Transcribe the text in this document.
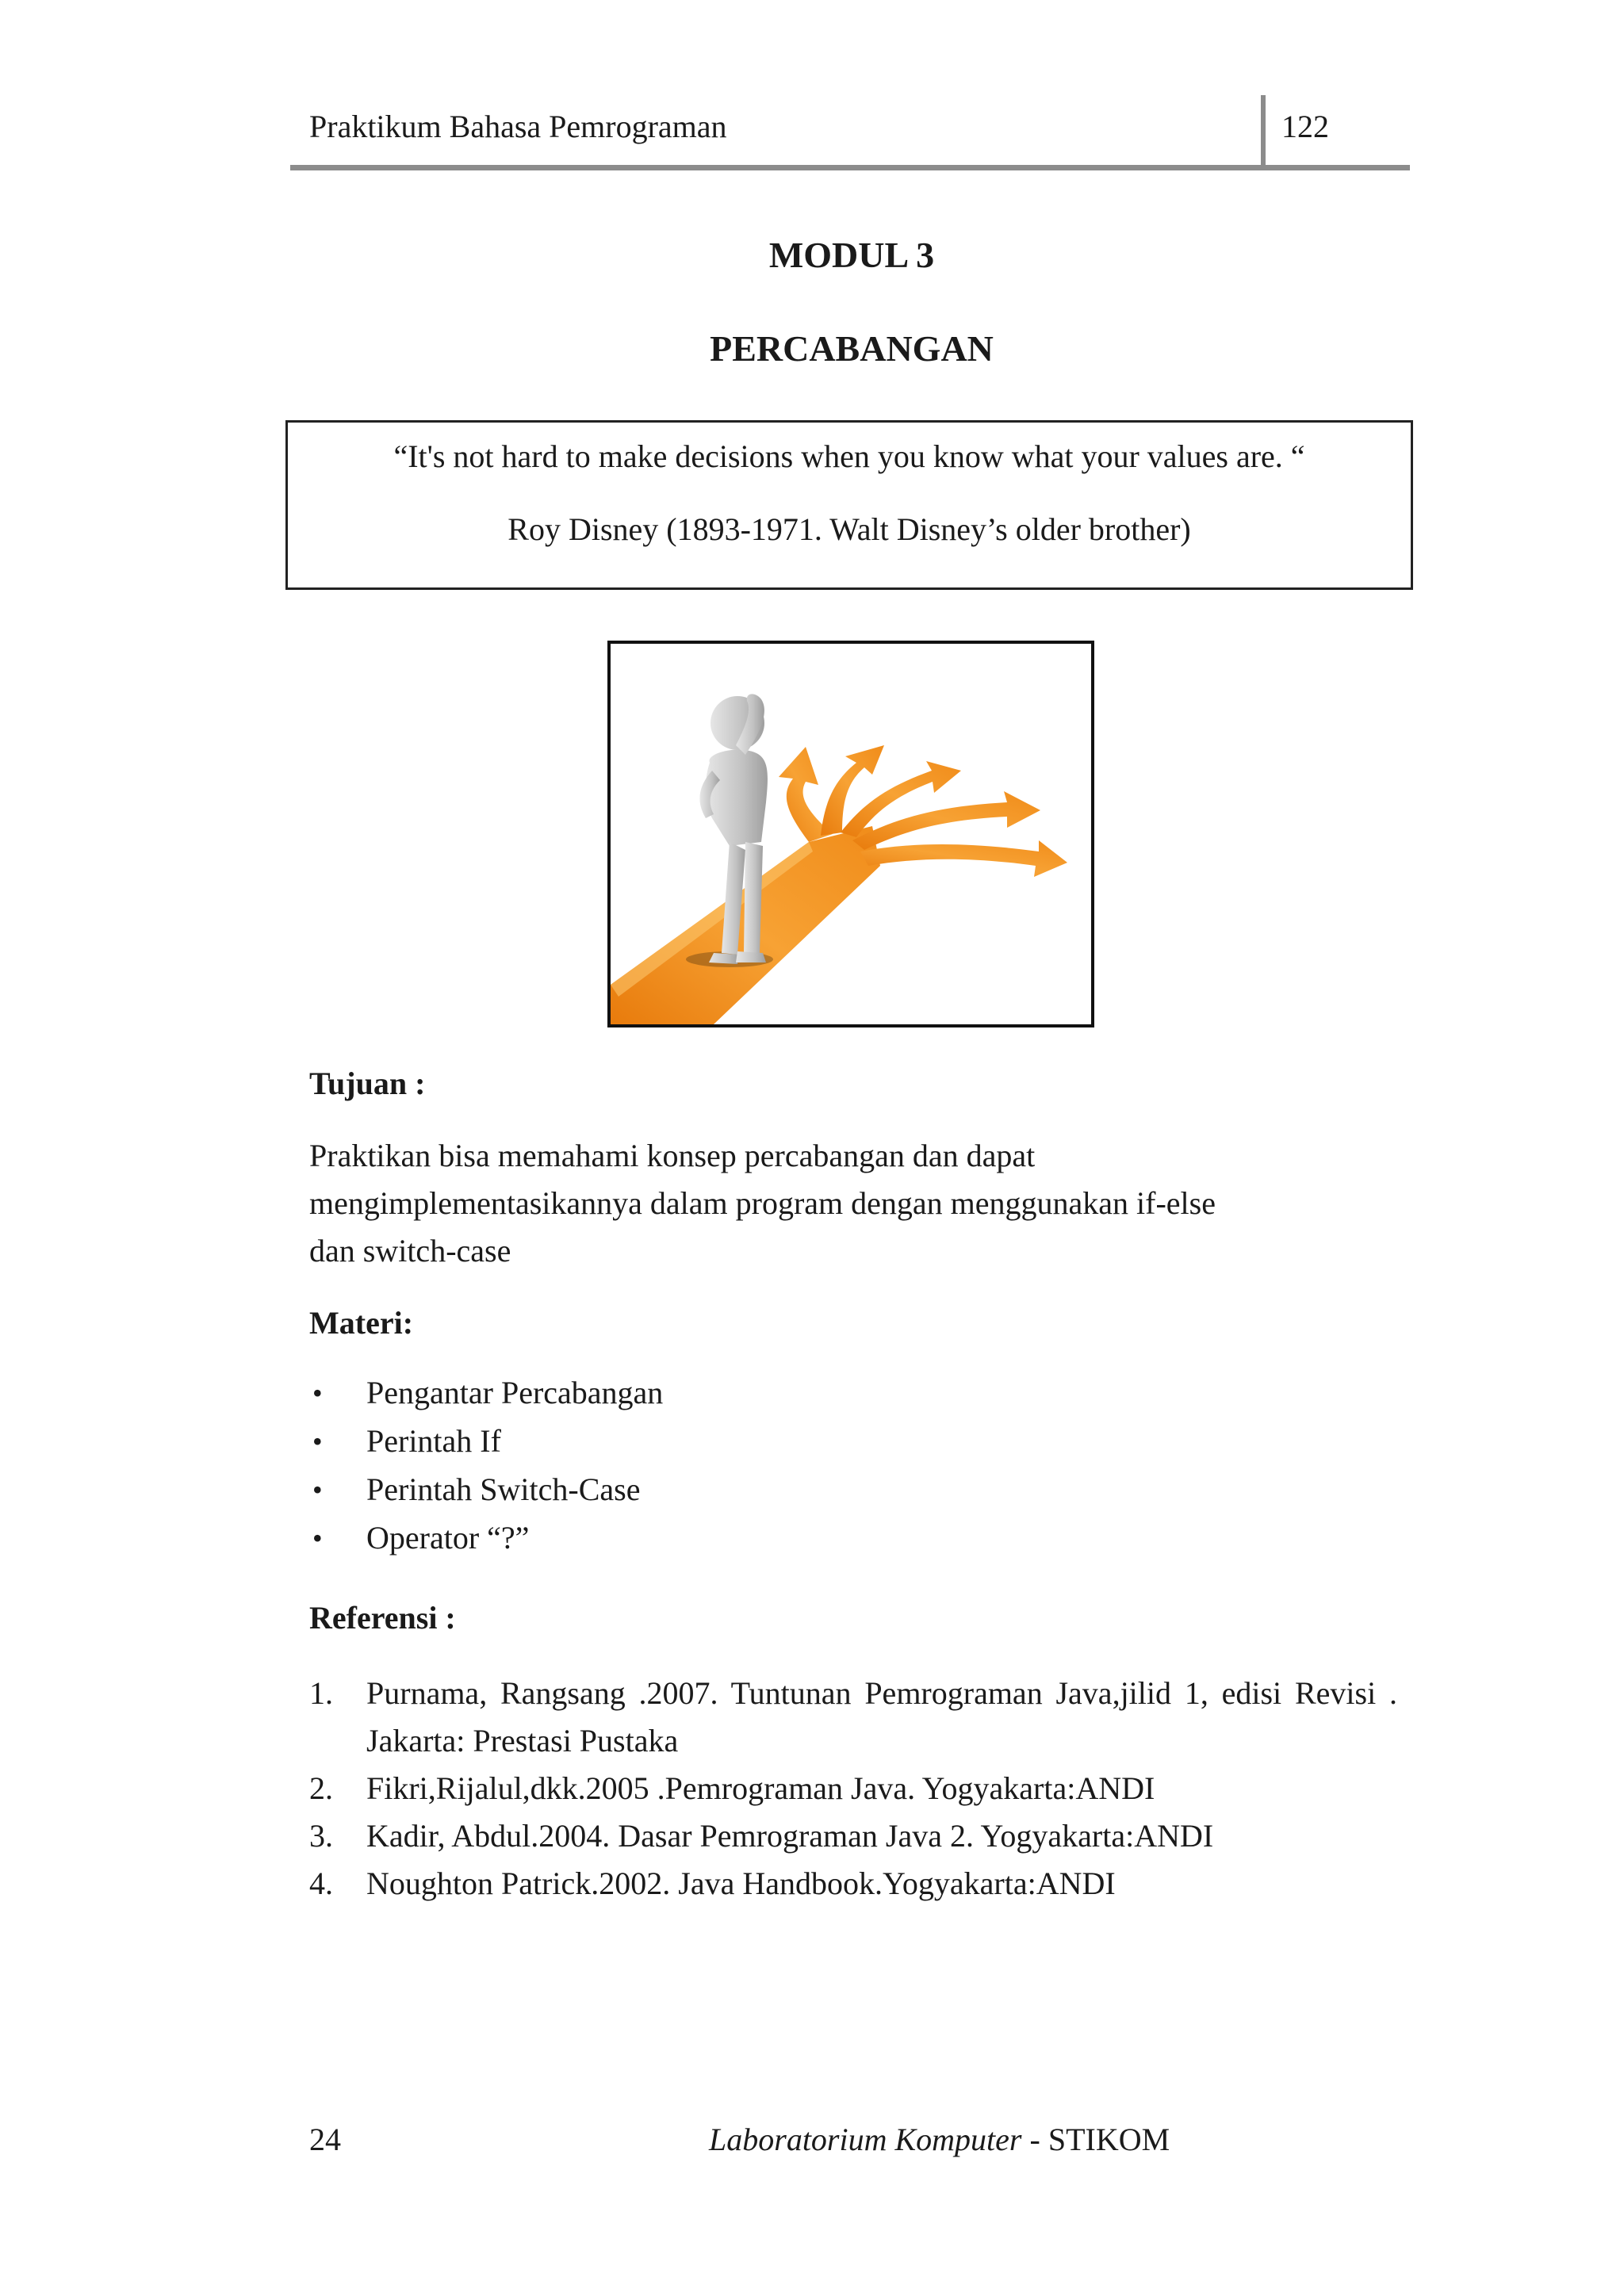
Praktikum Bahasa Pemrograman	122
MODUL 3
PERCABANGAN
“It's not hard to make decisions when you know what your values are. “
Roy Disney (1893-1971. Walt Disney’s older brother)
Tujuan :
Praktikan bisa memahami konsep percabangan dan dapat
mengimplementasikannya dalam program dengan menggunakan if-else
dan switch-case
Materi:
• Pengantar Percabangan
• Perintah If
• Perintah Switch-Case
• Operator “?”
Referensi :
1. Purnama, Rangsang .2007. Tuntunan Pemrograman Java,jilid 1, edisi Revisi . Jakarta: Prestasi Pustaka
2. Fikri,Rijalul,dkk.2005 .Pemrograman Java. Yogyakarta:ANDI
3. Kadir, Abdul.2004. Dasar Pemrograman Java 2. Yogyakarta:ANDI
4. Noughton Patrick.2002. Java Handbook.Yogyakarta:ANDI
24	Laboratorium Komputer - STIKOM
